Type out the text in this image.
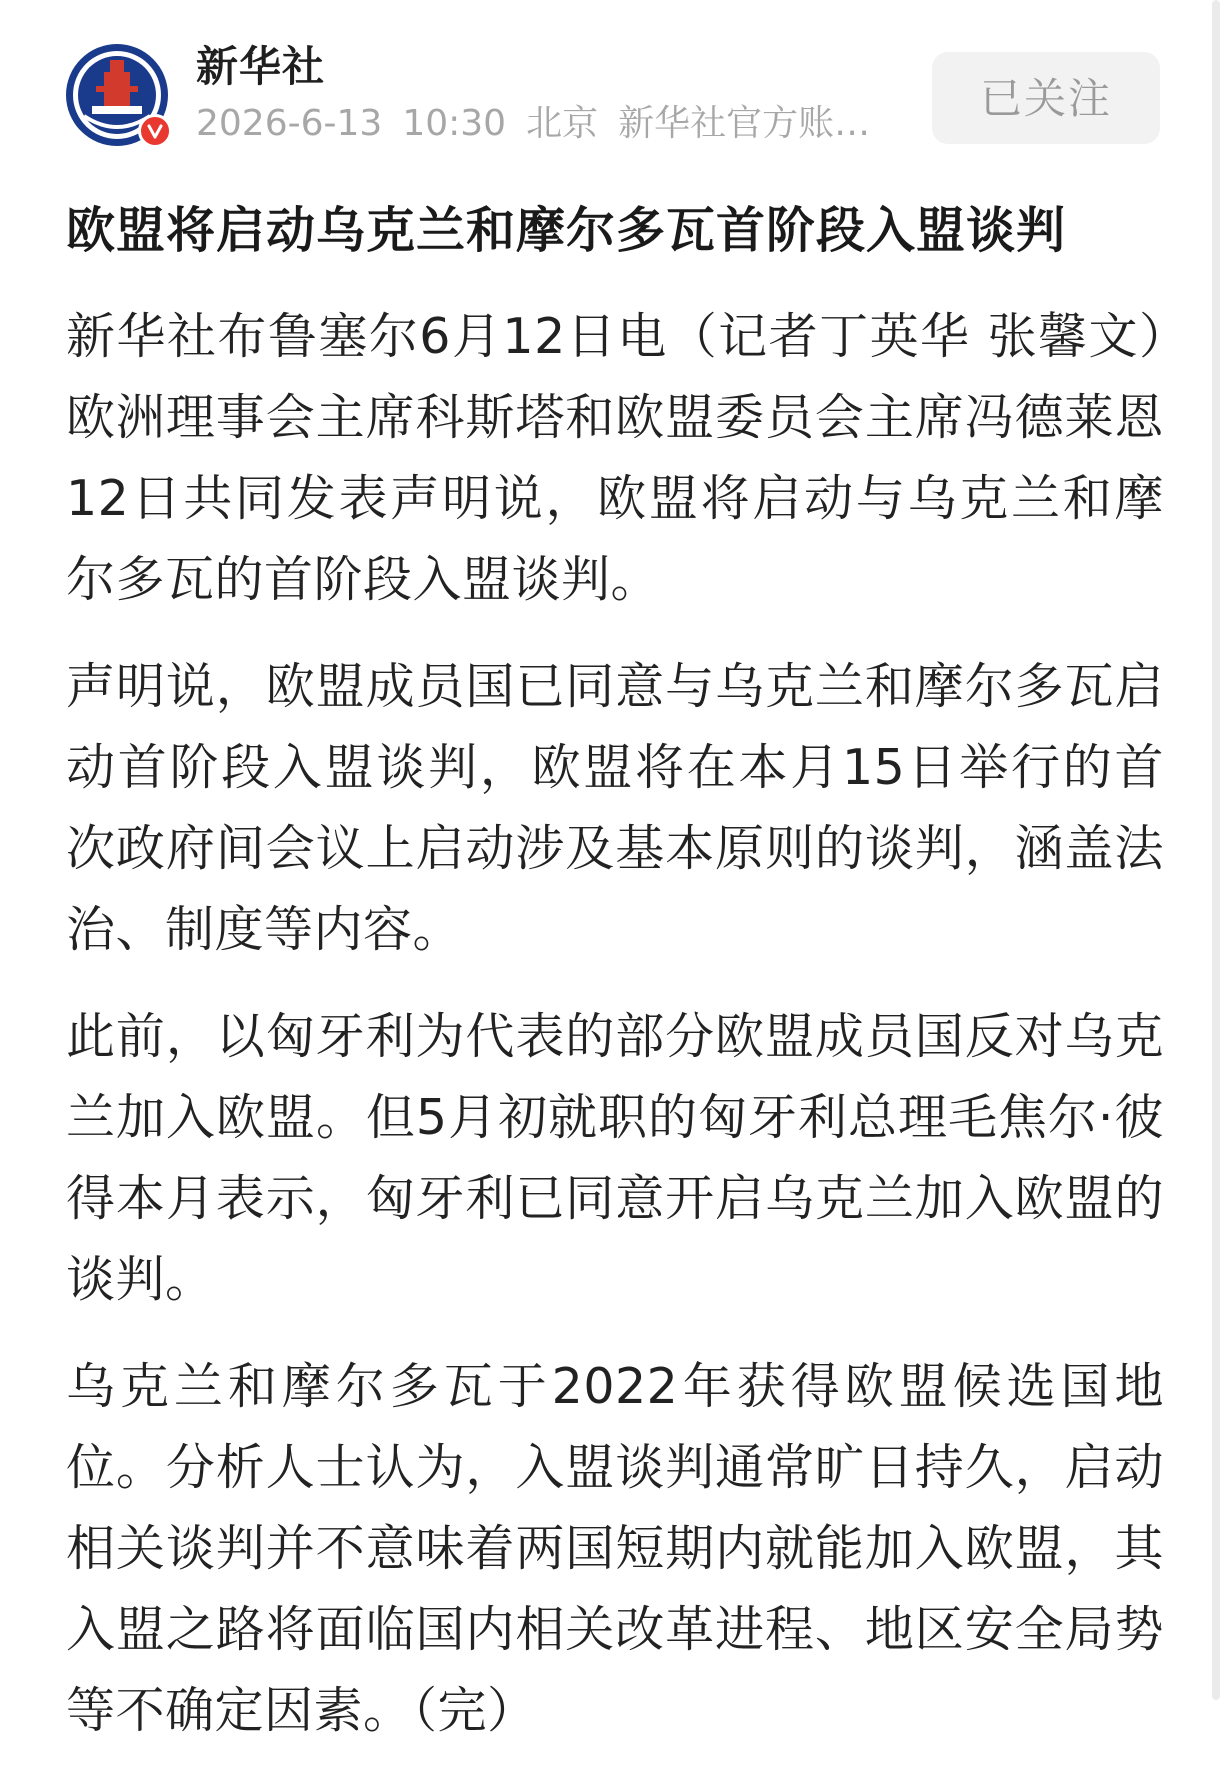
新华社
2026-6-13 10:30 北京 新华社官方账…
已关注
欧盟将启动乌克兰和摩尔多瓦首阶段入盟谈判

新华社布鲁塞尔6月12日电（记者丁英华 张馨文）欧洲理事会主席科斯塔和欧盟委员会主席冯德莱恩12日共同发表声明说，欧盟将启动与乌克兰和摩尔多瓦的首阶段入盟谈判。

声明说，欧盟成员国已同意与乌克兰和摩尔多瓦启动首阶段入盟谈判，欧盟将在本月15日举行的首次政府间会议上启动涉及基本原则的谈判，涵盖法治、制度等内容。

此前，以匈牙利为代表的部分欧盟成员国反对乌克兰加入欧盟。但5月初就职的匈牙利总理毛焦尔·彼得本月表示，匈牙利已同意开启乌克兰加入欧盟的谈判。

乌克兰和摩尔多瓦于2022年获得欧盟候选国地位。分析人士认为，入盟谈判通常旷日持久，启动相关谈判并不意味着两国短期内就能加入欧盟，其入盟之路将面临国内相关改革进程、地区安全局势等不确定因素。（完）
